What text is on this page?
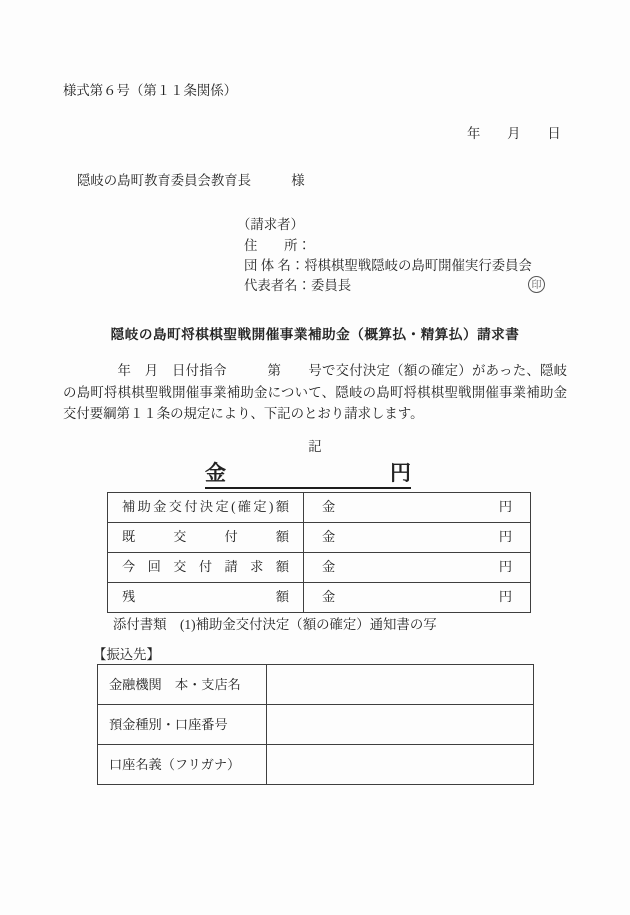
様式第６号（第１１条関係）
年　　月　　日
隠岐の島町教育委員会教育長　　　様
（請求者）
住　　所：
団 体 名：将棋棋聖戦隠岐の島町開催実行委員会
代表者名：委員長	印
隠岐の島町将棋棋聖戦開催事業補助金（概算払・精算払）請求書
　　　　年　月　日付指令　　　第　　号で交付決定（額の確定）があった、隠岐の島町将棋棋聖戦開催事業補助金について、隠岐の島町将棋棋聖戦開催事業補助金交付要綱第１１条の規定により、下記のとおり請求します。
記
金	円
補助金交付決定(確定)額	金	円
既 交 付 額	金	円
今 回 交 付 請 求 額	金	円
残 額	金	円
添付書類　(1)補助金交付決定（額の確定）通知書の写
【振込先】
金融機関　本・支店名
預金種別・口座番号
口座名義（フリガナ）
